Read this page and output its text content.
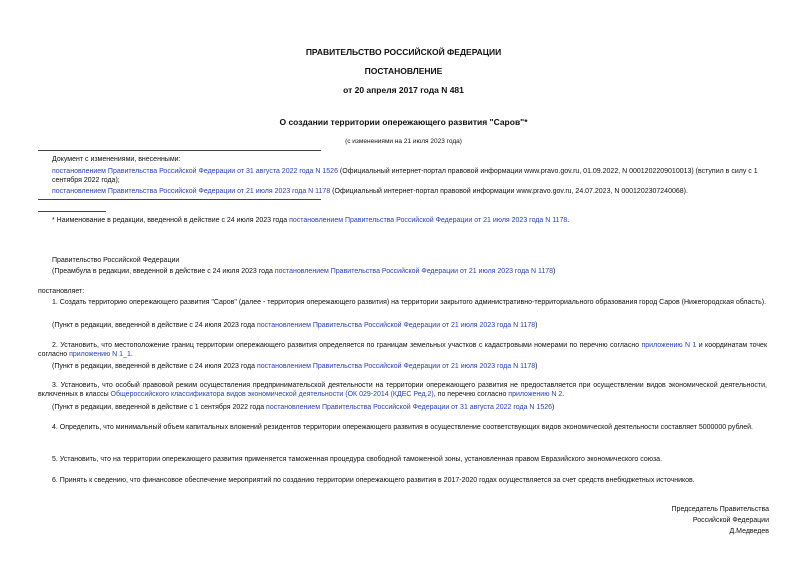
ПРАВИТЕЛЬСТВО РОССИЙСКОЙ ФЕДЕРАЦИИ
ПОСТАНОВЛЕНИЕ
от 20 апреля 2017 года N 481
О создании территории опережающего развития "Саров"*
(с изменениями на 21 июля 2023 года)
Документ с изменениями, внесенными:
постановлением Правительства Российской Федерации от 31 августа 2022 года N 1526 (Официальный интернет-портал правовой информации www.pravo.gov.ru, 01.09.2022, N 0001202209010013) (вступил в силу с 1 сентября 2022 года);
постановлением Правительства Российской Федерации от 21 июля 2023 года N 1178 (Официальный интернет-портал правовой информации www.pravo.gov.ru, 24.07.2023, N 0001202307240068).
* Наименование в редакции, введенной в действие с 24 июля 2023 года постановлением Правительства Российской Федерации от 21 июля 2023 года N 1178.
Правительство Российской Федерации
(Преамбула в редакции, введенной в действие с 24 июля 2023 года постановлением Правительства Российской Федерации от 21 июля 2023 года N 1178)
постановляет:
1. Создать территорию опережающего развития "Саров" (далее - территория опережающего развития) на территории закрытого административно-территориального образования город Саров (Нижегородская область).
(Пункт в редакции, введенной в действие с 24 июля 2023 года постановлением Правительства Российской Федерации от 21 июля 2023 года N 1178)
2. Установить, что местоположение границ территории опережающего развития определяется по границам земельных участков с кадастровыми номерами по перечню согласно приложению N 1 и координатам точек согласно приложению N 1_1.
(Пункт в редакции, введенной в действие с 24 июля 2023 года постановлением Правительства Российской Федерации от 21 июля 2023 года N 1178)
3. Установить, что особый правовой режим осуществления предпринимательской деятельности на территории опережающего развития не предоставляется при осуществлении видов экономической деятельности, включенных в классы Общероссийского классификатора видов экономической деятельности (ОК 029-2014 (КДЕС Ред.2), по перечню согласно приложению N 2.
(Пункт в редакции, введенной в действие с 1 сентября 2022 года постановлением Правительства Российской Федерации от 31 августа 2022 года N 1526)
4. Определить, что минимальный объем капитальных вложений резидентов территории опережающего развития в осуществление соответствующих видов экономической деятельности составляет 5000000 рублей.
5. Установить, что на территории опережающего развития применяется таможенная процедура свободной таможенной зоны, установленная правом Евразийского экономического союза.
6. Принять к сведению, что финансовое обеспечение мероприятий по созданию территории опережающего развития в 2017-2020 годах осуществляется за счет средств внебюджетных источников.
Председатель Правительства
Российской Федерации
Д.Медведев
